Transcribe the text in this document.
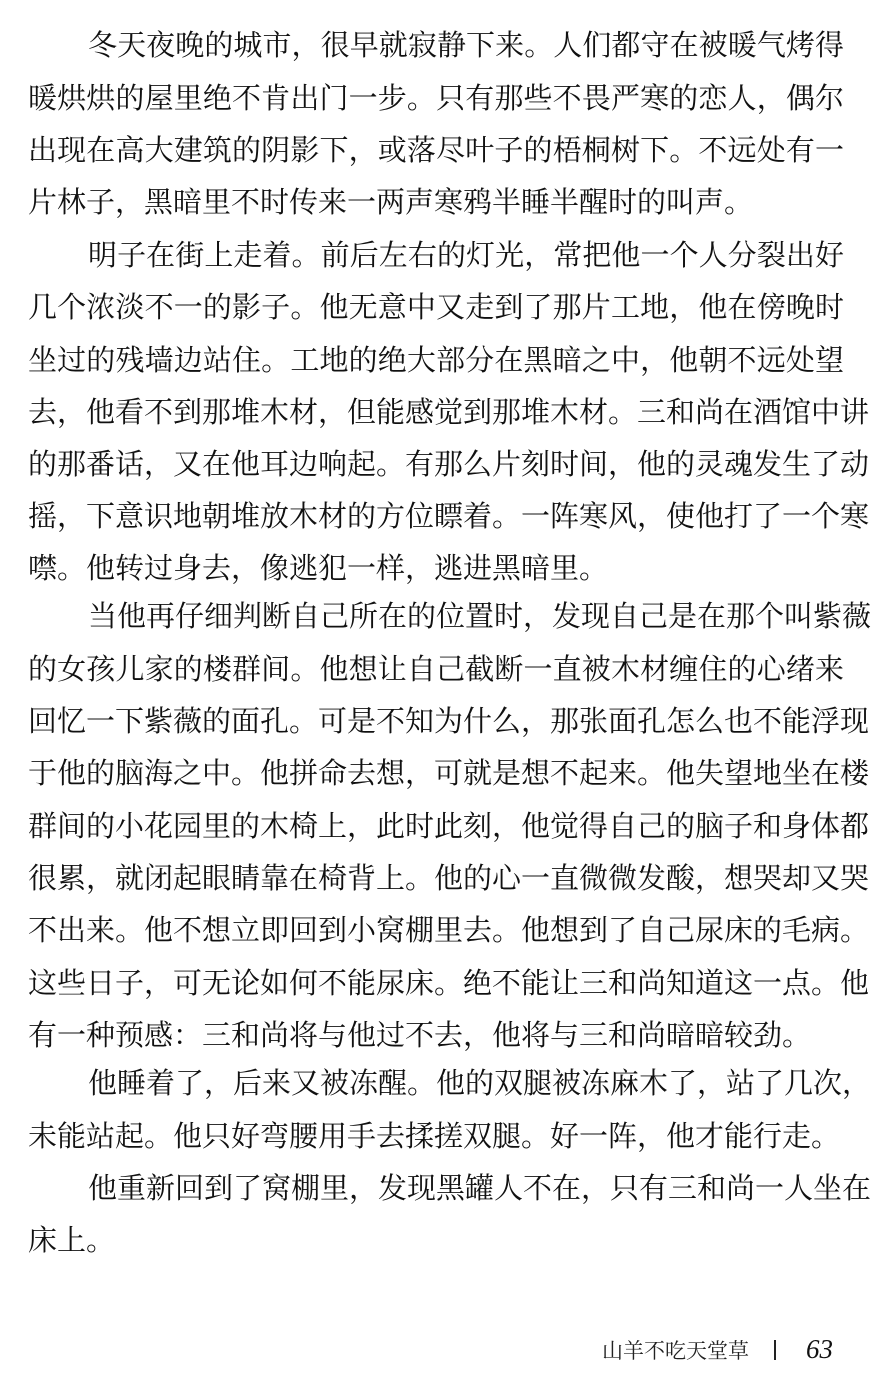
冬天夜晚的城市，很早就寂静下来。人们都守在被暖气烤得
暖烘烘的屋里绝不肯出门一步。只有那些不畏严寒的恋人，偶尔
出现在高大建筑的阴影下，或落尽叶子的梧桐树下。不远处有一
片林子，黑暗里不时传来一两声寒鸦半睡半醒时的叫声。
明子在街上走着。前后左右的灯光，常把他一个人分裂出好
几个浓淡不一的影子。他无意中又走到了那片工地，他在傍晚时
坐过的残墙边站住。工地的绝大部分在黑暗之中，他朝不远处望
去，他看不到那堆木材，但能感觉到那堆木材。三和尚在酒馆中讲
的那番话，又在他耳边响起。有那么片刻时间，他的灵魂发生了动
摇，下意识地朝堆放木材的方位瞟着。一阵寒风，使他打了一个寒
噤。他转过身去，像逃犯一样，逃进黑暗里。
当他再仔细判断自己所在的位置时，发现自己是在那个叫紫薇
的女孩儿家的楼群间。他想让自己截断一直被木材缠住的心绪来
回忆一下紫薇的面孔。可是不知为什么，那张面孔怎么也不能浮现
于他的脑海之中。他拼命去想，可就是想不起来。他失望地坐在楼
群间的小花园里的木椅上，此时此刻，他觉得自己的脑子和身体都
很累，就闭起眼睛靠在椅背上。他的心一直微微发酸，想哭却又哭
不出来。他不想立即回到小窝棚里去。他想到了自己尿床的毛病。
这些日子，可无论如何不能尿床。绝不能让三和尚知道这一点。他
有一种预感：三和尚将与他过不去，他将与三和尚暗暗较劲。
他睡着了，后来又被冻醒。他的双腿被冻麻木了，站了几次，
未能站起。他只好弯腰用手去揉搓双腿。好一阵，他才能行走。
他重新回到了窝棚里，发现黑罐人不在，只有三和尚一人坐在
床上。
山羊不吃天堂草 63
